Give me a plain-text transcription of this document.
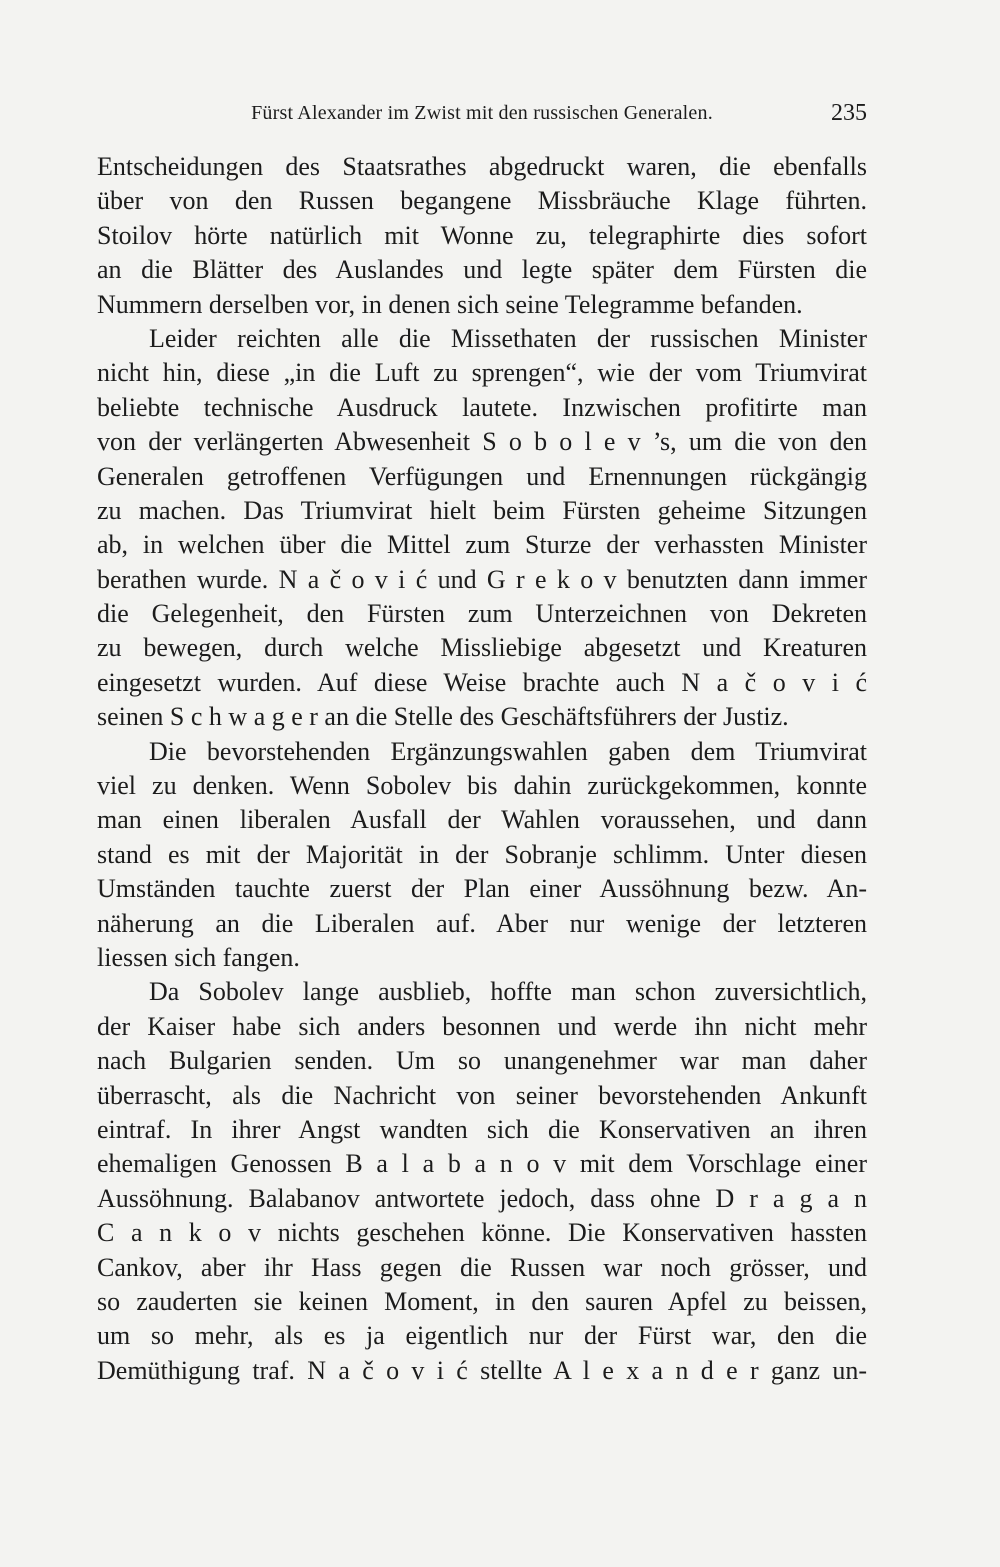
Fürst Alexander im Zwist mit den russischen Generalen.	235
Entscheidungen des Staatsrathes abgedruckt waren, die ebenfalls
über von den Russen begangene Missbräuche Klage führten.
Stoilov hörte natürlich mit Wonne zu, telegraphirte dies sofort
an die Blätter des Auslandes und legte später dem Fürsten die
Nummern derselben vor, in denen sich seine Telegramme befanden.
Leider reichten alle die Missethaten der russischen Minister
nicht hin, diese „in die Luft zu sprengen“, wie der vom Triumvirat
beliebte technische Ausdruck lautete. Inzwischen profitirte man
von der verlängerten Abwesenheit S o b o l e v ’s, um die von den
Generalen getroffenen Verfügungen und Ernennungen rückgängig
zu machen. Das Triumvirat hielt beim Fürsten geheime Sitzungen
ab, in welchen über die Mittel zum Sturze der verhassten Minister
berathen wurde. N a č o v i ć und G r e k o v benutzten dann immer
die Gelegenheit, den Fürsten zum Unterzeichnen von Dekreten
zu bewegen, durch welche Missliebige abgesetzt und Kreaturen
eingesetzt wurden. Auf diese Weise brachte auch N a č o v i ć
seinen S c h w a g e r an die Stelle des Geschäftsführers der Justiz.
Die bevorstehenden Ergänzungswahlen gaben dem Triumvirat
viel zu denken. Wenn Sobolev bis dahin zurückgekommen, konnte
man einen liberalen Ausfall der Wahlen voraussehen, und dann
stand es mit der Majorität in der Sobranje schlimm. Unter diesen
Umständen tauchte zuerst der Plan einer Aussöhnung bezw. An-
näherung an die Liberalen auf. Aber nur wenige der letzteren
liessen sich fangen.
Da Sobolev lange ausblieb, hoffte man schon zuversichtlich,
der Kaiser habe sich anders besonnen und werde ihn nicht mehr
nach Bulgarien senden. Um so unangenehmer war man daher
überrascht, als die Nachricht von seiner bevorstehenden Ankunft
eintraf. In ihrer Angst wandten sich die Konservativen an ihren
ehemaligen Genossen B a l a b a n o v mit dem Vorschlage einer
Aussöhnung. Balabanov antwortete jedoch, dass ohne D r a g a n
C a n k o v nichts geschehen könne. Die Konservativen hassten
Cankov, aber ihr Hass gegen die Russen war noch grösser, und
so zauderten sie keinen Moment, in den sauren Apfel zu beissen,
um so mehr, als es ja eigentlich nur der Fürst war, den die
Demüthigung traf. N a č o v i ć stellte A l e x a n d e r ganz un-
